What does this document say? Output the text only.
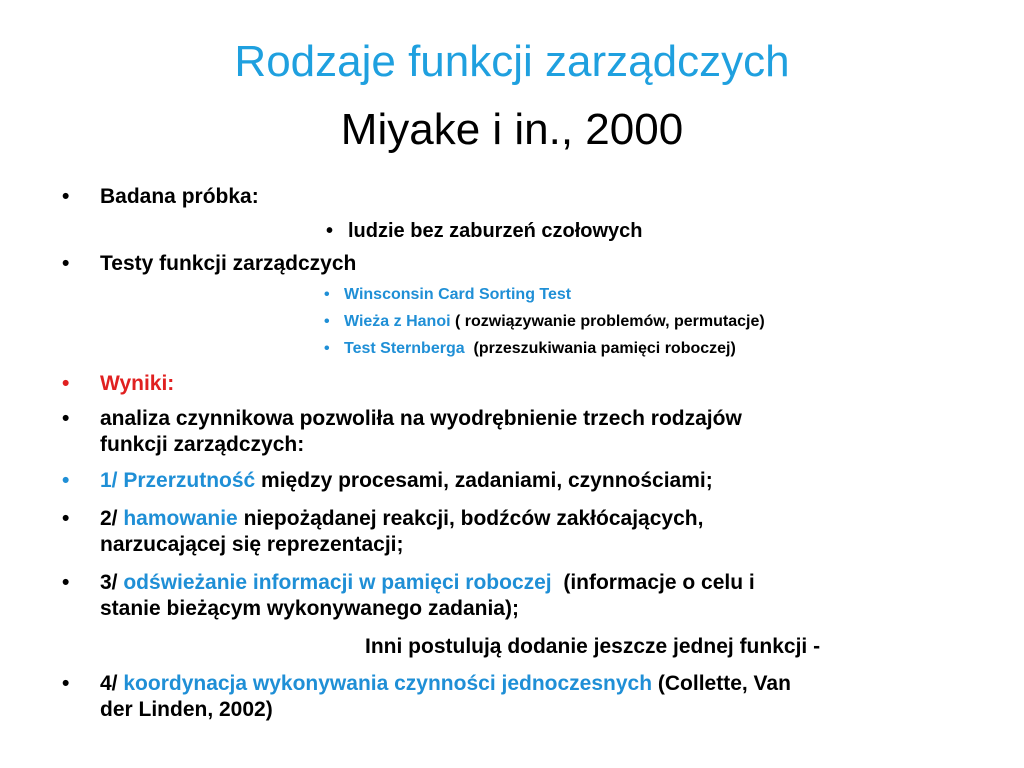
Rodzaje funkcji zarządczych
Miyake i in., 2000
• Badana próbka:
• ludzie bez zaburzeń czołowych
• Testy funkcji zarządczych
• Winsconsin Card Sorting Test
• Wieża z Hanoi ( rozwiązywanie problemów, permutacje)
• Test Sternberga  (przeszukiwania pamięci roboczej)
• Wyniki:
• analiza czynnikowa pozwoliła na wyodrębnienie trzech rodzajów
funkcji zarządczych:
• 1/ Przerzutność między procesami, zadaniami, czynnościami;
• 2/ hamowanie niepożądanej reakcji, bodźców zakłócających,
narzucającej się reprezentacji;
• 3/ odświeżanie informacji w pamięci roboczej  (informacje o celu i
stanie bieżącym wykonywanego zadania);
Inni postulują dodanie jeszcze jednej funkcji -
• 4/ koordynacja wykonywania czynności jednoczesnych (Collette, Van
der Linden, 2002)
